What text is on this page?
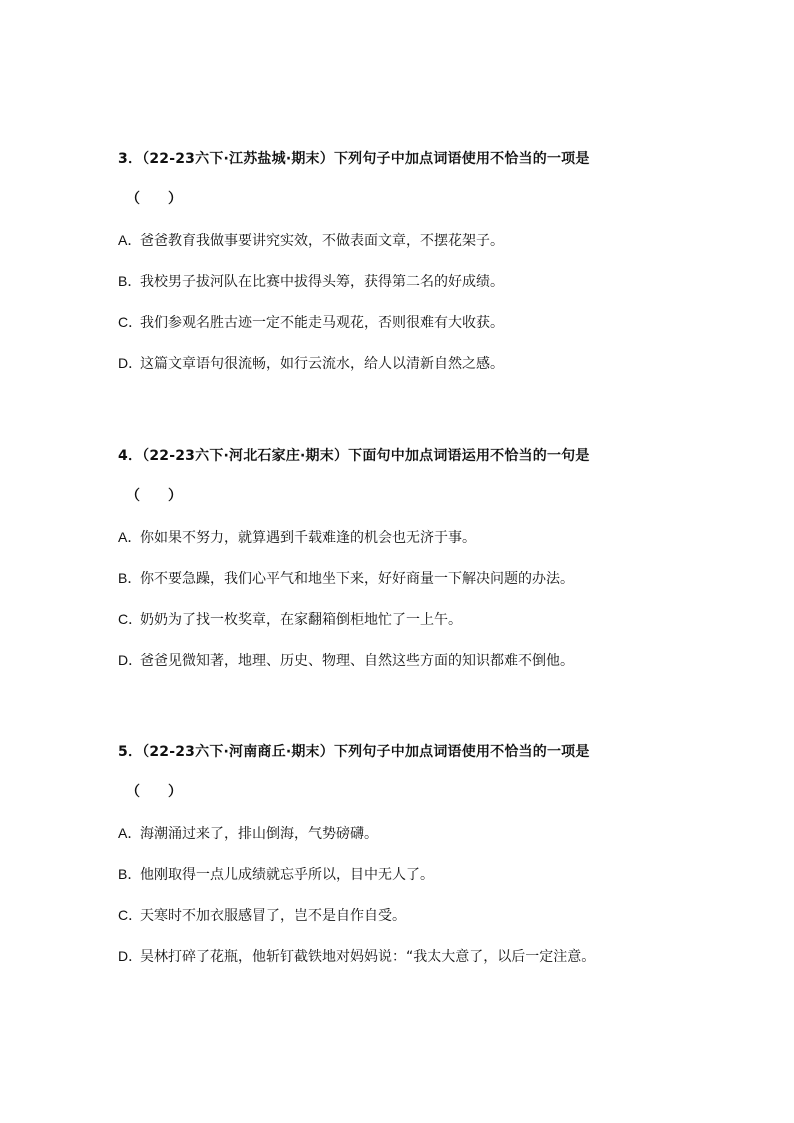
3．（22-23六下·江苏盐城·期末）下列句子中加点词语使用不恰当的一项是
（　　）
A．爸爸教育我做事要讲究实效，不做表面文章，不摆花架子。
B．我校男子拔河队在比赛中拔得头筹，获得第二名的好成绩。
C．我们参观名胜古迹一定不能走马观花，否则很难有大收获。
D．这篇文章语句很流畅，如行云流水，给人以清新自然之感。
4．（22-23六下·河北石家庄·期末）下面句中加点词语运用不恰当的一句是
（　　）
A．你如果不努力，就算遇到千载难逢的机会也无济于事。
B．你不要急躁，我们心平气和地坐下来，好好商量一下解决问题的办法。
C．奶奶为了找一枚奖章，在家翻箱倒柜地忙了一上午。
D．爸爸见微知著，地理、历史、物理、自然这些方面的知识都难不倒他。
5．（22-23六下·河南商丘·期末）下列句子中加点词语使用不恰当的一项是
（　　）
A．海潮涌过来了，排山倒海，气势磅礴。
B．他刚取得一点儿成绩就忘乎所以，目中无人了。
C．天寒时不加衣服感冒了，岂不是自作自受。
D．吴林打碎了花瓶，他斩钉截铁地对妈妈说：“我太大意了，以后一定注意。
